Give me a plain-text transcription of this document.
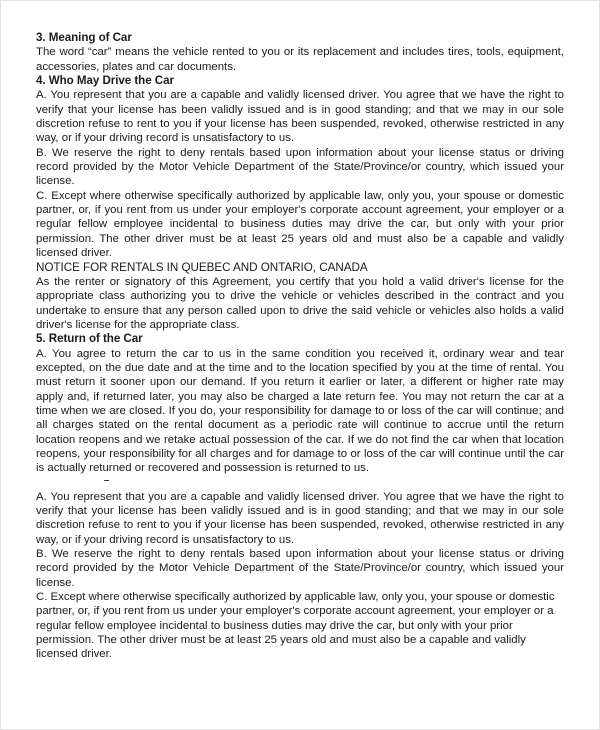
3. Meaning of Car
The word “car” means the vehicle rented to you or its replacement and includes tires, tools, equipment, accessories, plates and car documents.
4. Who May Drive the Car
A. You represent that you are a capable and validly licensed driver. You agree that we have the right to verify that your license has been validly issued and is in good standing; and that we may in our sole discretion refuse to rent to you if your license has been suspended, revoked, otherwise restricted in any way, or if your driving record is unsatisfactory to us.
B. We reserve the right to deny rentals based upon information about your license status or driving record provided by the Motor Vehicle Department of the State/Province/or country, which issued your license.
C. Except where otherwise specifically authorized by applicable law, only you, your spouse or domestic partner, or, if you rent from us under your employer's corporate account agreement, your employer or a regular fellow employee incidental to business duties may drive the car, but only with your prior permission. The other driver must be at least 25 years old and must also be a capable and validly licensed driver.
NOTICE FOR RENTALS IN QUEBEC AND ONTARIO, CANADA
As the renter or signatory of this Agreement, you certify that you hold a valid driver's license for the appropriate class authorizing you to drive the vehicle or vehicles described in the contract and you undertake to ensure that any person called upon to drive the said vehicle or vehicles also holds a valid driver's license for the appropriate class.
5. Return of the Car
A. You agree to return the car to us in the same condition you received it, ordinary wear and tear excepted, on the due date and at the time and to the location specified by you at the time of rental. You must return it sooner upon our demand. If you return it earlier or later, a different or higher rate may apply and, if returned later, you may also be charged a late return fee. You may not return the car at a time when we are closed. If you do, your responsibility for damage to or loss of the car will continue; and all charges stated on the rental document as a periodic rate will continue to accrue until the return location reopens and we retake actual possession of the car. If we do not find the car when that location reopens, your responsibility for all charges and for damage to or loss of the car will continue until the car is actually returned or recovered and possession is returned to us.
A. You represent that you are a capable and validly licensed driver. You agree that we have the right to verify that your license has been validly issued and is in good standing; and that we may in our sole discretion refuse to rent to you if your license has been suspended, revoked, otherwise restricted in any way, or if your driving record is unsatisfactory to us.
B. We reserve the right to deny rentals based upon information about your license status or driving record provided by the Motor Vehicle Department of the State/Province/or country, which issued your license.
C. Except where otherwise specifically authorized by applicable law, only you, your spouse or domestic partner, or, if you rent from us under your employer's corporate account agreement, your employer or a regular fellow employee incidental to business duties may drive the car, but only with your prior permission. The other driver must be at least 25 years old and must also be a capable and validly licensed driver.
